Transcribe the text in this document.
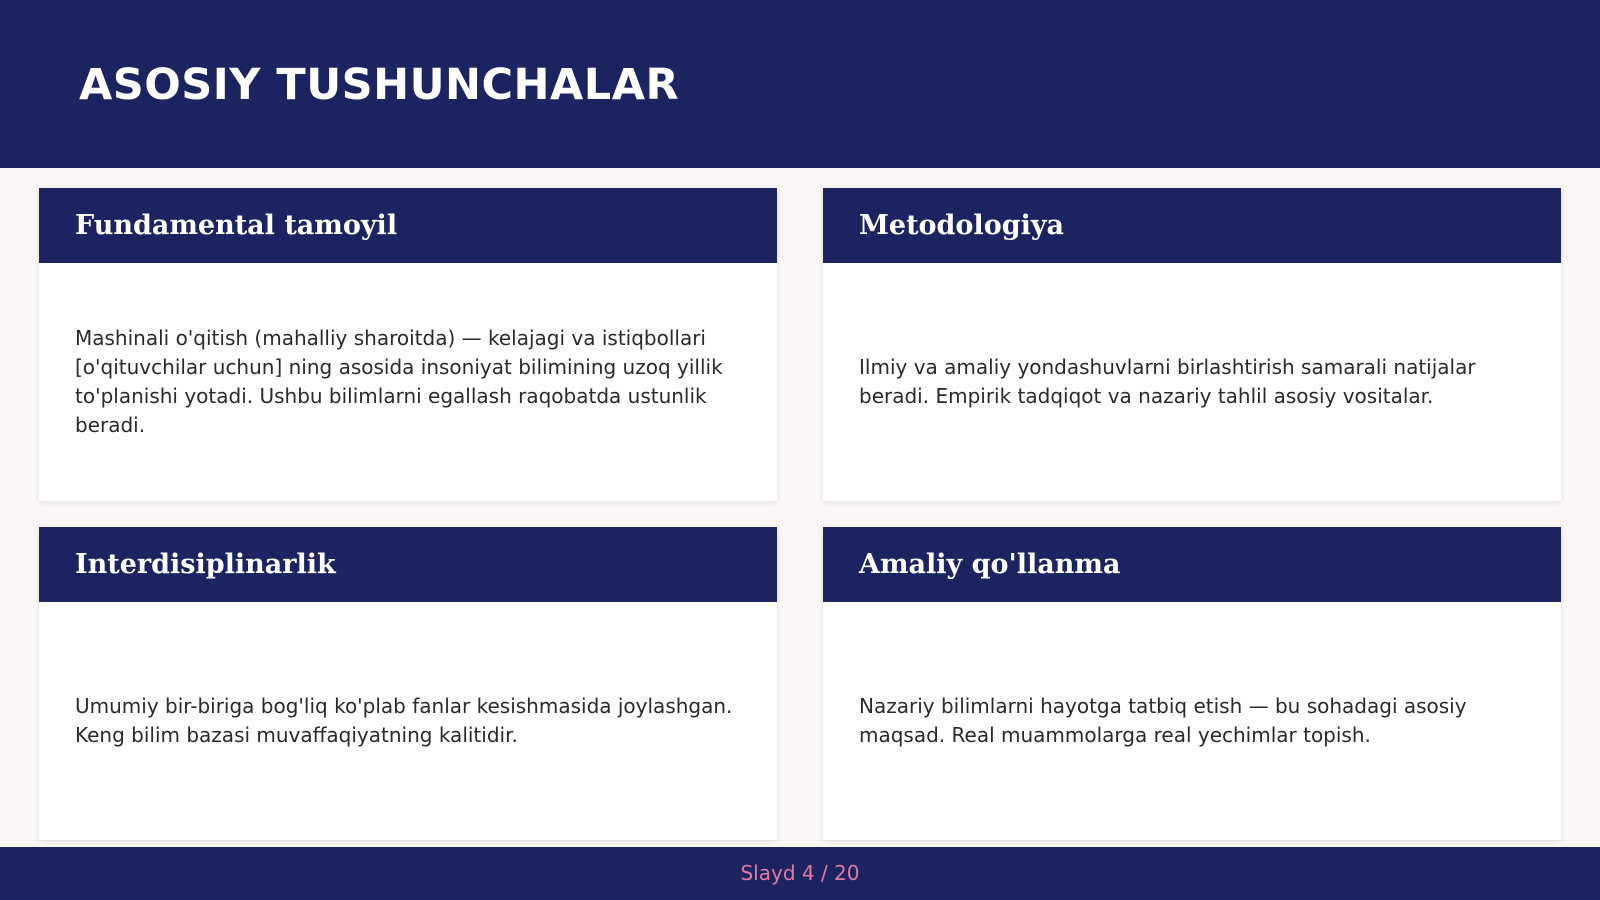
ASOSIY TUSHUNCHALAR
Fundamental tamoyil

Mashinali o'qitish (mahalliy sharoitda) — kelajagi va istiqbollari [o'qituvchilar uchun] ning asosida insoniyat bilimining uzoq yillik to'planishi yotadi. Ushbu bilimlarni egallash raqobatda ustunlik beradi.

Metodologiya

Ilmiy va amaliy yondashuvlarni birlashtirish samarali natijalar beradi. Empirik tadqiqot va nazariy tahlil asosiy vositalar.

Interdisiplinarlik

Umumiy bir-biriga bog'liq ko'plab fanlar kesishmasida joylashgan. Keng bilim bazasi muvaffaqiyatning kalitidir.

Amaliy qo'llanma

Nazariy bilimlarni hayotga tatbiq etish — bu sohadagi asosiy maqsad. Real muammolarga real yechimlar topish.

Slayd 4 / 20
